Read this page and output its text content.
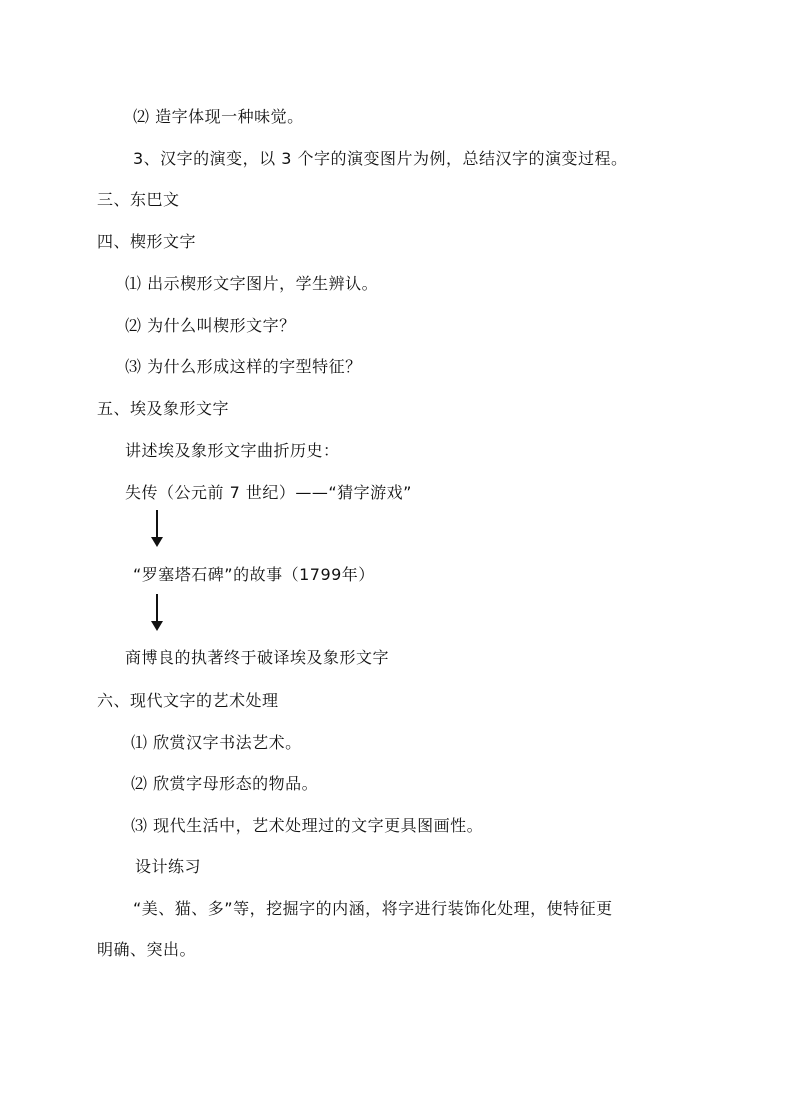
⑵ 造字体现一种味觉。
3、汉字的演变，以 3 个字的演变图片为例，总结汉字的演变过程。
三、东巴文
四、楔形文字
⑴ 出示楔形文字图片，学生辨认。
⑵ 为什么叫楔形文字？
⑶ 为什么形成这样的字型特征？
五、埃及象形文字
讲述埃及象形文字曲折历史：
失传（公元前 7 世纪）——“猜字游戏”
“罗塞塔石碑”的故事（1799年）
商博良的执著终于破译埃及象形文字
六、现代文字的艺术处理
⑴ 欣赏汉字书法艺术。
⑵ 欣赏字母形态的物品。
⑶ 现代生活中，艺术处理过的文字更具图画性。
设计练习
“美、猫、多”等，挖掘字的内涵，将字进行装饰化处理，使特征更
明确、突出。
